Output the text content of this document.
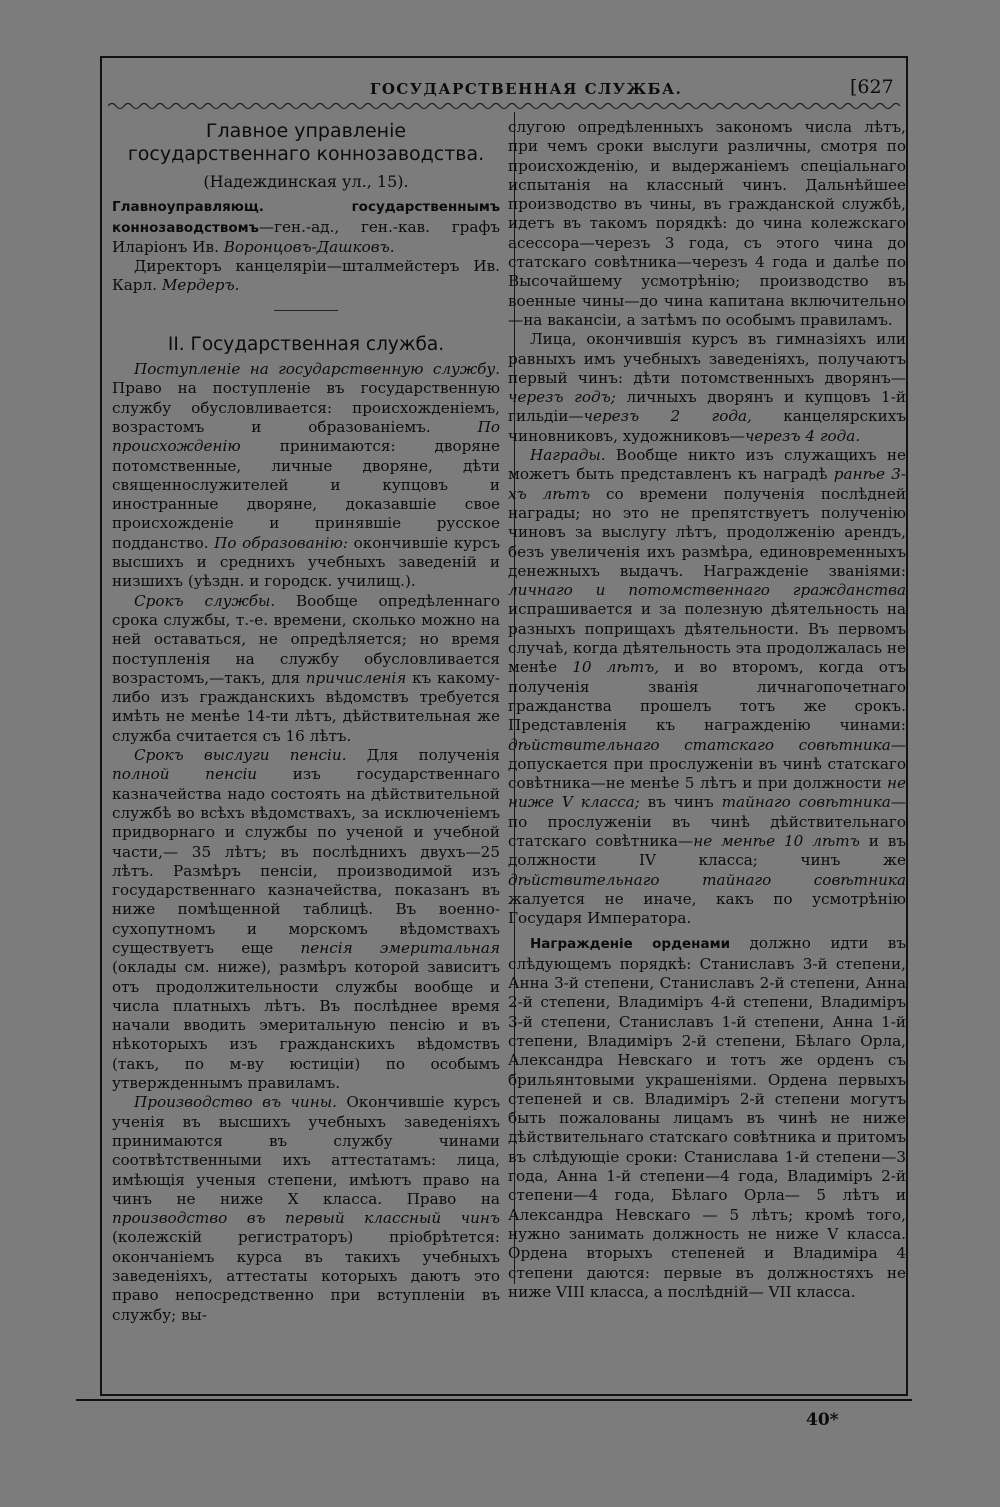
ГОСУДАРСТВЕННАЯ СЛУЖБА.	[627
Главное управленіе государственнаго коннозаводства.
(Надеждинская ул., 15).

Главноуправляющ. государственнымъ коннозаводствомъ—ген.-ад., ген.-кав. графъ Иларіонъ Ив. Воронцовъ-Дашковъ.

Директоръ канцеляріи—шталмейстеръ Ив. Карл. Мердеръ.

II. Государственная служба.

Поступленіе на государственную службу. Право на поступленіе въ государственную службу обусловливается: происхожденіемъ, возрастомъ и образованіемъ.	По происхожденію	принимаются: дворяне потомственные, личные дворяне, дѣти священнослужителей и купцовъ и иностранные дворяне, доказавшіе свое происхожденіе и принявшіе русское подданство. По образованію: окончившіе курсъ высшихъ и среднихъ учебныхъ заведеній и низшихъ (уѣздн. и городск. училищ.).

Срокъ службы. Вообще опредѣленнаго срока службы, т.-е. времени, сколько можно на ней оставаться, не опредѣляется; но время поступленія на службу обусловливается возрастомъ,—такъ, для причисленія къ какому-либо изъ гражданскихъ вѣдомствъ требуется имѣть не менѣе 14-ти лѣтъ, дѣйствительная же служба считается съ 16 лѣтъ.

Срокъ выслуги пенсіи. Для полученія полной пенсіи изъ государственнаго казначейства надо состоять на дѣйствительной службѣ во всѣхъ вѣдомствахъ, за исключеніемъ придворнаго и службы по ученой и учебной части,— 35 лѣтъ; въ послѣднихъ двухъ—25 лѣтъ. Размѣръ пенсіи, производимой изъ государственнаго казначейства, показанъ въ ниже помѣщенной таблицѣ. Въ военно-сухопутномъ и морскомъ вѣдомствахъ существуетъ еще пенсія эмеритальная (оклады см. ниже), размѣръ которой зависитъ отъ продолжительности службы вообще и числа платныхъ лѣтъ. Въ послѣднее время начали вводить эмеритальную пенсію и въ нѣкоторыхъ изъ гражданскихъ вѣдомствъ (такъ, по м-ву юстиціи) по особымъ утвержденнымъ правиламъ.

Производство въ чины. Окончившіе курсъ ученія въ высшихъ учебныхъ заведеніяхъ принимаются въ службу чинами соотвѣтственными ихъ аттестатамъ: лица, имѣющія ученыя степени, имѣютъ право на чинъ не ниже X класса. Право на производство въ первый классный чинъ (колежскій регистраторъ) пріобрѣтется: окончаніемъ курса въ такихъ учебныхъ заведеніяхъ, аттестаты которыхъ даютъ это право непосредственно при вступленіи въ службу; вы-

слугою опредѣленныхъ закономъ числа лѣтъ, при чемъ сроки выслуги различны, смотря по происхожденію, и выдержаніемъ спеціальнаго испытанія на классный чинъ. Дальнѣйшее производство въ чины, въ гражданской службѣ, идетъ въ такомъ порядкѣ: до чина колежскаго асессора—черезъ 3 года, съ этого чина до статскаго совѣтника—черезъ 4 года и далѣе по Высочайшему усмотрѣнію; производство въ военные чины—до чина капитана включительно—на вакансіи, а затѣмъ по особымъ правиламъ.

Лица, окончившія курсъ въ гимназіяхъ или равныхъ имъ учебныхъ заведеніяхъ, получаютъ первый чинъ: дѣти потомственныхъ дворянъ—черезъ годъ; личныхъ дворянъ и купцовъ 1-й гильдіи—черезъ 2 года, канцелярскихъ чиновниковъ, художниковъ—черезъ 4 года.

Награды. Вообще никто изъ служащихъ не можетъ быть представленъ къ наградѣ ранѣе 3-хъ лѣтъ со времени полученія послѣдней награды; но это не препятствуетъ полученію чиновъ за выслугу лѣтъ, продолженію арендъ, безъ увеличенія ихъ размѣра, единовременныхъ денежныхъ выдачъ. Награжденіе званіями: личнаго и потомственнаго гражданства испрашивается и за полезную дѣятельность на разныхъ поприщахъ дѣятельности. Въ первомъ случаѣ, когда дѣятельность эта продолжалась не менѣе 10 лѣтъ, и во второмъ, когда отъ полученія званія личнагопочетнаго гражданства прошелъ тотъ же срокъ. Представленія къ награжденію чинами: дѣйствительнаго статскаго совѣтника—допускается при прослуженіи въ чинѣ статскаго совѣтника—не менѣе 5 лѣтъ и при должности не ниже V класса; въ чинъ тайнаго совѣтника—по прослуженіи въ чинѣ дѣйствительнаго статскаго совѣтника—не менѣе 10 лѣтъ и въ должности IV класса; чинъ же дѣйствительнаго тайнаго совѣтника жалуется не иначе, какъ по усмотрѣнію Государя Императора.

Награжденіе орденами должно идти въ слѣдующемъ порядкѣ: Станиславъ 3-й степени, Анна 3-й степени, Станиславъ 2-й степени, Анна 2-й степени, Владиміръ 4-й степени, Владиміръ 3-й степени, Станиславъ 1-й степени, Анна 1-й степени, Владиміръ 2-й степени, Бѣлаго Орла, Александра Невскаго и тотъ же орденъ съ брильянтовыми украшеніями. Ордена первыхъ степеней и св. Владиміръ 2-й степени могутъ быть пожалованы лицамъ въ чинѣ не ниже дѣйствительнаго статскаго совѣтника и притомъ въ слѣдующіе сроки: Станислава 1-й степени—3 года, Анна 1-й степени—4 года, Владиміръ 2-й степени—4 года, Бѣлаго Орла— 5 лѣтъ и Александра Невскаго — 5 лѣтъ; кромѣ того, нужно занимать должность не ниже V класса. Ордена вторыхъ степеней и Владиміра 4 степени даются: первые въ должностяхъ не ниже VIII класса, а послѣдній— VII класса.

40*
